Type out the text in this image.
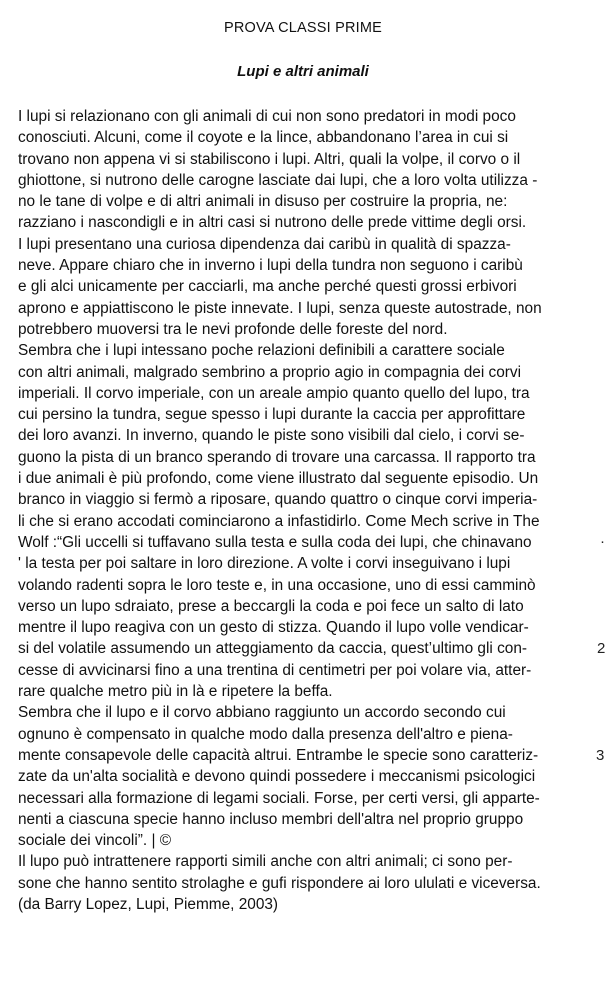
PROVA CLASSI PRIME
Lupi e altri animali
I lupi si relazionano con gli animali di cui non sono predatori in modi poco
conosciuti. Alcuni, come il coyote e la lince, abbandonano l’area in cui si
trovano non appena vi si stabiliscono i lupi. Altri, quali la volpe, il corvo o il
ghiottone, si nutrono delle carogne lasciate dai lupi, che a loro volta utilizza -
no le tane di volpe e di altri animali in disuso per costruire la propria, ne:
razziano i nascondigli e in altri casi si nutrono delle prede vittime degli orsi.
I lupi presentano una curiosa dipendenza dai caribù in qualità di spazza-
neve. Appare chiaro che in inverno i lupi della tundra non seguono i caribù
e gli alci unicamente per cacciarli, ma anche perché questi grossi erbivori
aprono e appiattiscono le piste innevate. I lupi, senza queste autostrade, non
potrebbero muoversi tra le nevi profonde delle foreste del nord.
Sembra che i lupi intessano poche relazioni definibili a carattere sociale
con altri animali, malgrado sembrino a proprio agio in compagnia dei corvi
imperiali. Il corvo imperiale, con un areale ampio quanto quello del lupo, tra
cui persino la tundra, segue spesso i lupi durante la caccia per approfittare
dei loro avanzi. In inverno, quando le piste sono visibili dal cielo, i corvi se-
guono la pista di un branco sperando di trovare una carcassa. Il rapporto tra
i due animali è più profondo, come viene illustrato dal seguente episodio. Un
branco in viaggio si fermò a riposare, quando quattro o cinque corvi imperia-
li che si erano accodati cominciarono a infastidirlo. Come Mech scrive in The
Wolf :“Gli uccelli si tuffavano sulla testa e sulla coda dei lupi, che chinavano
' la testa per poi saltare in loro direzione. A volte i corvi inseguivano i lupi
volando radenti sopra le loro teste e, in una occasione, uno di essi camminò
verso un lupo sdraiato, prese a beccargli la coda e poi fece un salto di lato
mentre il lupo reagiva con un gesto di stizza. Quando il lupo volle vendicar-
si del volatile assumendo un atteggiamento da caccia, quest’ultimo gli con-
cesse di avvicinarsi fino a una trentina di centimetri per poi volare via, atter-
rare qualche metro più in là e ripetere la beffa.
Sembra che il lupo e il corvo abbiano raggiunto un accordo secondo cui
ognuno è compensato in qualche modo dalla presenza dell'altro e piena-
mente consapevole delle capacità altrui. Entrambe le specie sono caratteriz-
zate da un'alta socialità e devono quindi possedere i meccanismi psicologici
necessari alla formazione di legami sociali. Forse, per certi versi, gli apparte-
nenti a ciascuna specie hanno incluso membri dell'altra nel proprio gruppo
sociale dei vincoli”. | ©
Il lupo può intrattenere rapporti simili anche con altri animali; ci sono per-
sone che hanno sentito strolaghe e gufi rispondere ai loro ululati e viceversa.
(da Barry Lopez, Lupi, Piemme, 2003)
·
2
3
